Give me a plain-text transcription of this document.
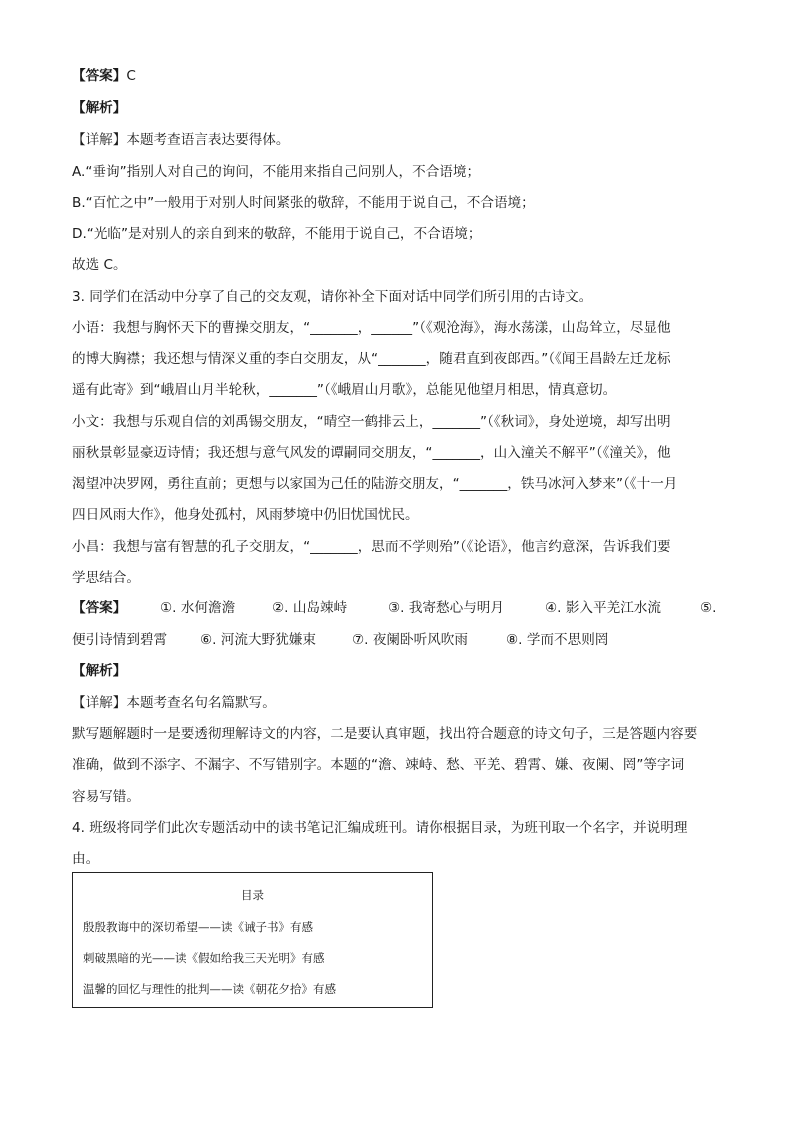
【答案】C
【解析】
【详解】本题考查语言表达要得体。
A.“垂询”指别人对自己的询问，不能用来指自己问别人，不合语境；
B.“百忙之中”一般用于对别人时间紧张的敬辞，不能用于说自己，不合语境；
D.“光临”是对别人的亲自到来的敬辞，不能用于说自己，不合语境；
故选 C。
3. 同学们在活动中分享了自己的交友观，请你补全下面对话中同学们所引用的古诗文。
小语：我想与胸怀天下的曹操交朋友，“_______，______”（《观沧海》，海水荡漾，山岛耸立，尽显他
的博大胸襟；我还想与情深义重的李白交朋友，从“_______，随君直到夜郎西。”（《闻王昌龄左迁龙标
遥有此寄》到“峨眉山月半轮秋，_______”（《峨眉山月歌》，总能见他望月相思，情真意切。
小文：我想与乐观自信的刘禹锡交朋友，“晴空一鹤排云上，_______”（《秋词》，身处逆境，却写出明
丽秋景彰显豪迈诗情；我还想与意气风发的谭嗣同交朋友，“_______，山入潼关不解平”（《潼关》，他
渴望冲决罗网，勇往直前；更想与以家国为己任的陆游交朋友，“_______，铁马冰河入梦来”（《十一月
四日风雨大作》，他身处孤村，风雨梦境中仍旧忧国忧民。
小昌：我想与富有智慧的孔子交朋友，“_______，思而不学则殆”（《论语》，他言约意深，告诉我们要
学思结合。
【答案】 ①. 水何澹澹	②. 山岛竦峙	③. 我寄愁心与明月	④. 影入平羌江水流	⑤.
便引诗情到碧霄 ⑥. 河流大野犹嫌束	⑦. 夜阑卧听风吹雨	⑧. 学而不思则罔
【解析】
【详解】本题考查名句名篇默写。
默写题解题时一是要透彻理解诗文的内容，二是要认真审题，找出符合题意的诗文句子，三是答题内容要
准确，做到不添字、不漏字、不写错别字。本题的“澹、竦峙、愁、平羌、碧霄、嫌、夜阑、罔”等字词
容易写错。
4. 班级将同学们此次专题活动中的读书笔记汇编成班刊。请你根据目录，为班刊取一个名字，并说明理
由。
目录
殷殷教诲中的深切希望——读《诫子书》有感
刺破黑暗的光——读《假如给我三天光明》有感
温馨的回忆与理性的批判——读《朝花夕拾》有感
